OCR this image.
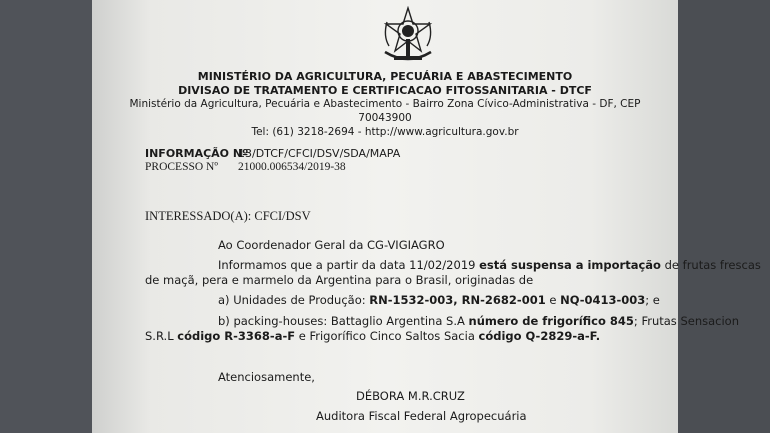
MINISTÉRIO DA AGRICULTURA, PECUÁRIA E ABASTECIMENTO
DIVISAO DE TRATAMENTO E CERTIFICACAO FITOSSANITARIA - DTCF
Ministério da Agricultura, Pecuária e Abastecimento - Bairro Zona Cívico-Administrativa - DF, CEP
70043900
Tel: (61) 3218-2694 - http://www.agricultura.gov.br
INFORMAÇÃO Nº
13/DTCF/CFCI/DSV/SDA/MAPA
PROCESSO Nº 21000.006534/2019-38
INTERESSADO(A): CFCI/DSV
Ao Coordenador Geral da CG-VIGIAGRO
Informamos que a partir da data 11/02/2019 está suspensa a importação de frutas frescas
de maçã, pera e marmelo da Argentina para o Brasil, originadas de
a) Unidades de Produção: RN-1532-003, RN-2682-001 e NQ-0413-003; e
b) packing-houses: Battaglio Argentina S.A número de frigorífico 845; Frutas Sensacion
S.R.L código R-3368-a-F e Frigorífico Cinco Saltos Sacia código Q-2829-a-F.
Atenciosamente,
DÉBORA M.R.CRUZ
Auditora Fiscal Federal Agropecuária
